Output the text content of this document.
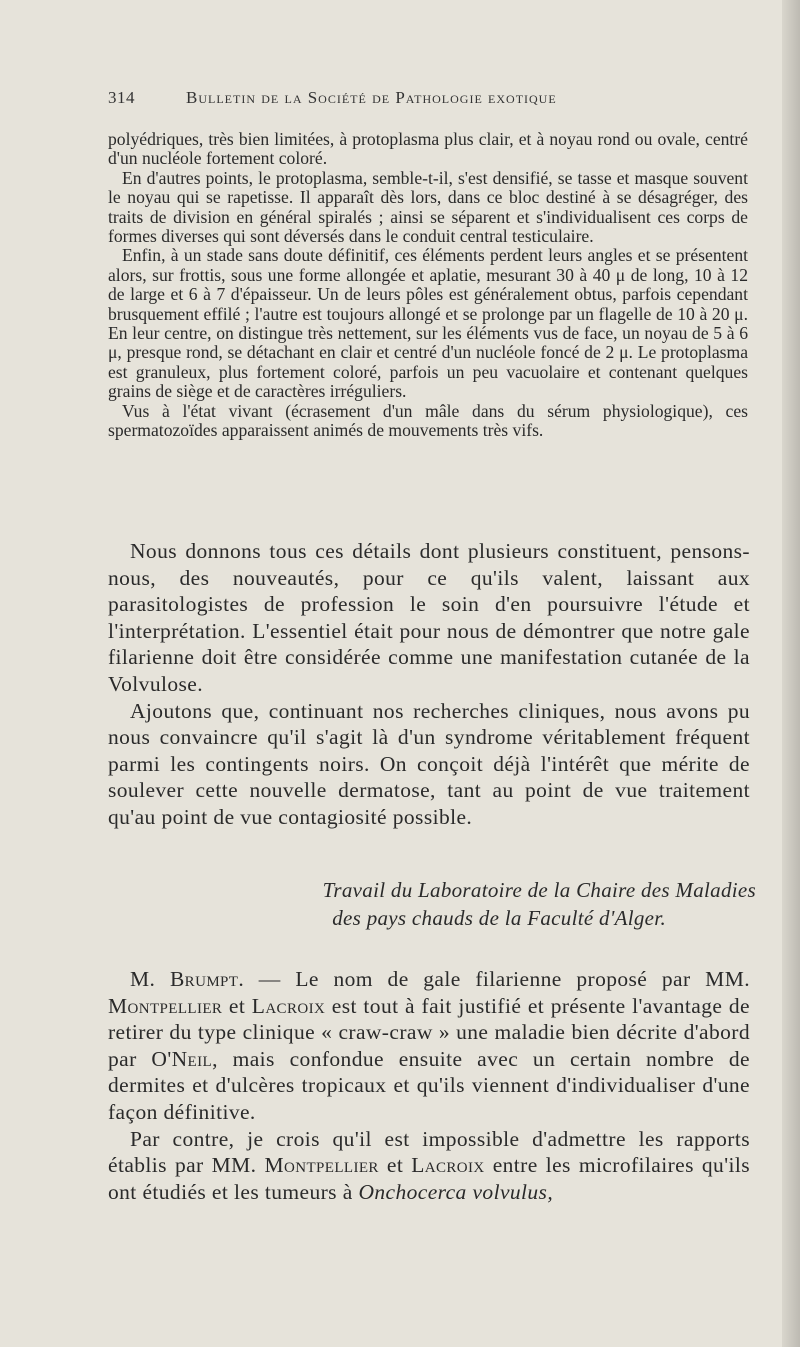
314	Bulletin de la Société de Pathologie exotique

polyédriques, très bien limitées, à protoplasma plus clair, et à noyau rond ou ovale, centré d'un nucléole fortement coloré.

En d'autres points, le protoplasma, semble-t-il, s'est densifié, se tasse et masque souvent le noyau qui se rapetisse. Il apparaît dès lors, dans ce bloc destiné à se désagréger, des traits de division en général spiralés ; ainsi se séparent et s'individualisent ces corps de formes diverses qui sont déversés dans le conduit central testiculaire.

Enfin, à un stade sans doute définitif, ces éléments perdent leurs angles et se présentent alors, sur frottis, sous une forme allongée et aplatie, mesurant 30 à 40 μ de long, 10 à 12 de large et 6 à 7 d'épaisseur. Un de leurs pôles est généralement obtus, parfois cependant brusquement effilé ; l'autre est toujours allongé et se prolonge par un flagelle de 10 à 20 μ. En leur centre, on distingue très nettement, sur les éléments vus de face, un noyau de 5 à 6 μ, presque rond, se détachant en clair et centré d'un nucléole foncé de 2 μ. Le protoplasma est granuleux, plus fortement coloré, parfois un peu vacuolaire et contenant quelques grains de siège et de caractères irréguliers.

Vus à l'état vivant (écrasement d'un mâle dans du sérum physiologique), ces spermatozoïdes apparaissent animés de mouvements très vifs.

Nous donnons tous ces détails dont plusieurs constituent, pensons-nous, des nouveautés, pour ce qu'ils valent, laissant aux parasitologistes de profession le soin d'en poursuivre l'étude et l'interprétation. L'essentiel était pour nous de démontrer que notre gale filarienne doit être considérée comme une manifestation cutanée de la Volvulose.

Ajoutons que, continuant nos recherches cliniques, nous avons pu nous convaincre qu'il s'agit là d'un syndrome véritablement fréquent parmi les contingents noirs. On conçoit déjà l'intérêt que mérite de soulever cette nouvelle dermatose, tant au point de vue traitement qu'au point de vue contagiosité possible.

Travail du Laboratoire de la Chaire des Maladies
des pays chauds de la Faculté d'Alger.

M. Brumpt. — Le nom de gale filarienne proposé par MM. Montpellier et Lacroix est tout à fait justifié et présente l'avantage de retirer du type clinique « craw-craw » une maladie bien décrite d'abord par O'Neil, mais confondue ensuite avec un certain nombre de dermites et d'ulcères tropicaux et qu'ils viennent d'individualiser d'une façon définitive.

Par contre, je crois qu'il est impossible d'admettre les rapports établis par MM. Montpellier et Lacroix entre les microfilaires qu'ils ont étudiés et les tumeurs à Onchocerca volvulus,
